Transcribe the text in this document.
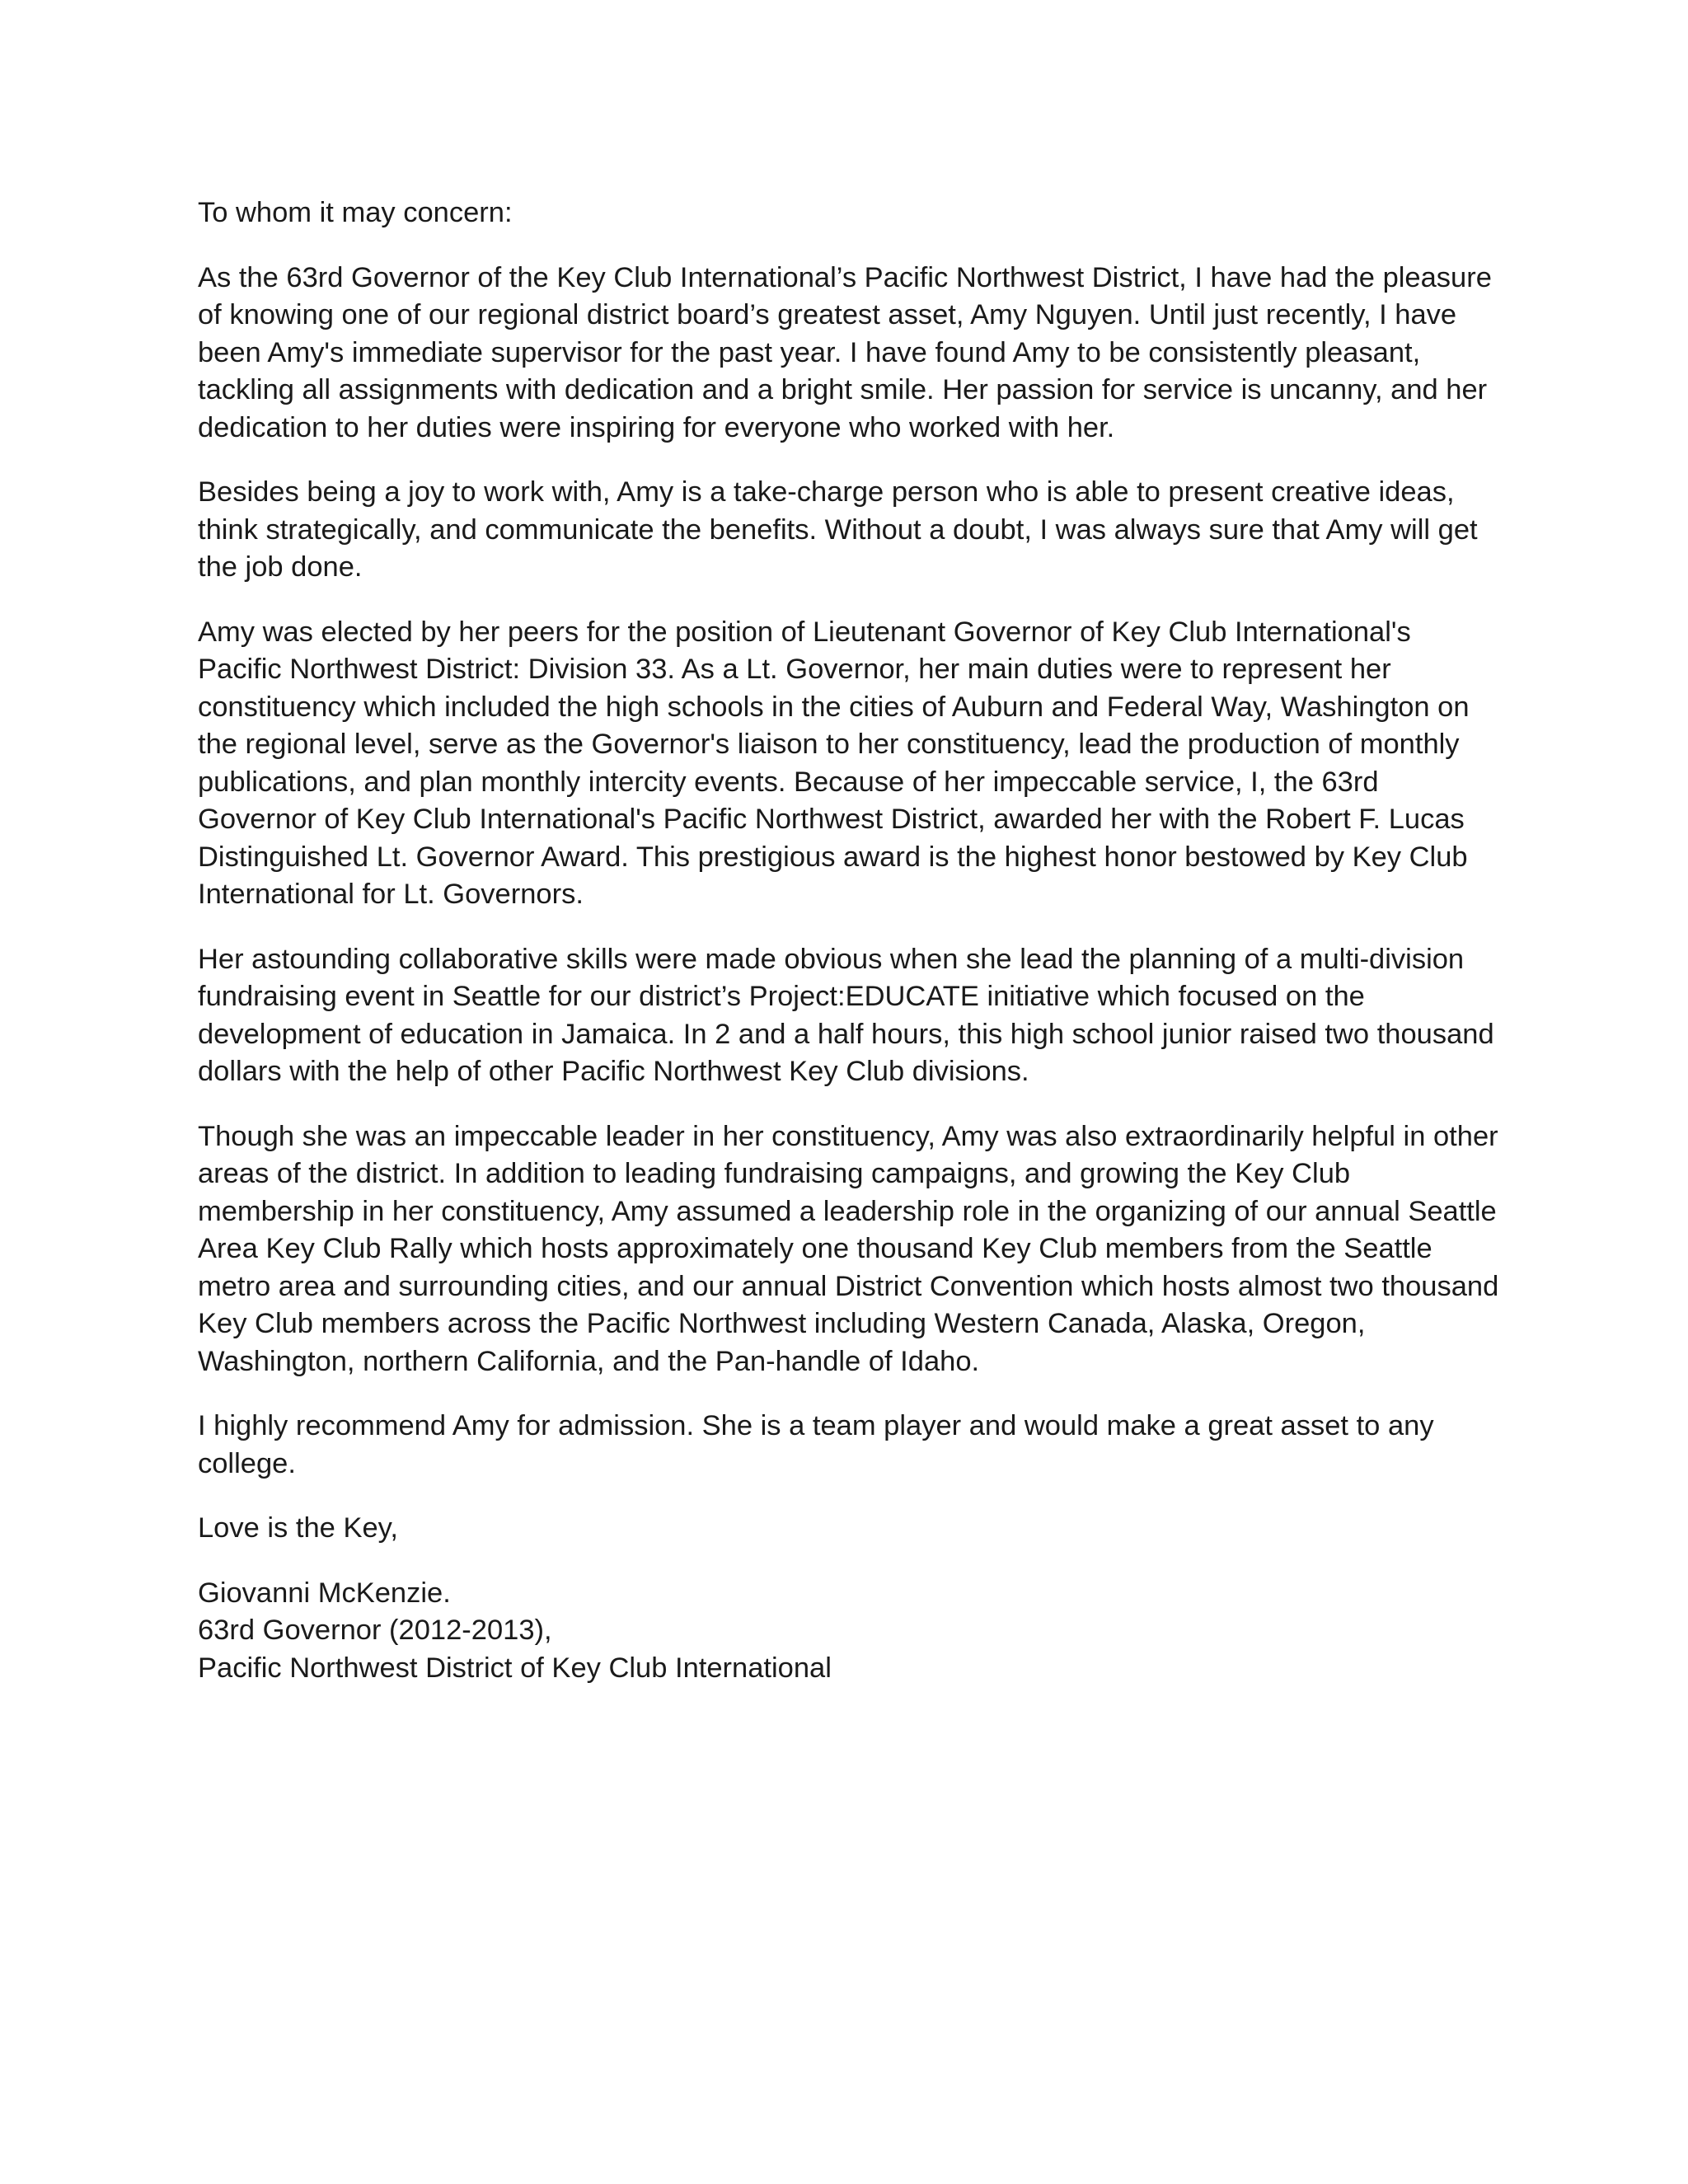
To whom it may concern:

As the 63rd Governor of the Key Club International’s Pacific Northwest District, I have had the pleasure of knowing one of our regional district board’s greatest asset, Amy Nguyen. Until just recently, I have been Amy's immediate supervisor for the past year. I have found Amy to be consistently pleasant, tackling all assignments with dedication and a bright smile. Her passion for service is uncanny, and her dedication to her duties were inspiring for everyone who worked with her.

Besides being a joy to work with, Amy is a take-charge person who is able to present creative ideas, think strategically, and communicate the benefits. Without a doubt, I was always sure that Amy will get the job done.

Amy was elected by her peers for the position of Lieutenant Governor of Key Club International's Pacific Northwest District: Division 33. As a Lt. Governor, her main duties were to represent her constituency which included the high schools in the cities of Auburn and Federal Way, Washington on the regional level, serve as the Governor's liaison to her constituency, lead the production of monthly publications, and plan monthly intercity events. Because of her impeccable service, I, the 63rd Governor of Key Club International's Pacific Northwest District, awarded her with the Robert F. Lucas Distinguished Lt. Governor Award. This prestigious award is the highest honor bestowed by Key Club International for Lt. Governors.

Her astounding collaborative skills were made obvious when she lead the planning of a multi-division fundraising event in Seattle for our district’s Project:EDUCATE initiative which focused on the development of education in Jamaica. In 2 and a half hours, this high school junior raised two thousand dollars with the help of other Pacific Northwest Key Club divisions.

Though she was an impeccable leader in her constituency, Amy was also extraordinarily helpful in other areas of the district. In addition to leading fundraising campaigns, and growing the Key Club membership in her constituency, Amy assumed a leadership role in the organizing of our annual Seattle Area Key Club Rally which hosts approximately one thousand Key Club members from the Seattle metro area and surrounding cities, and our annual District Convention which hosts almost two thousand Key Club members across the Pacific Northwest including Western Canada, Alaska, Oregon, Washington, northern California, and the Pan-handle of Idaho.

I highly recommend Amy for admission. She is a team player and would make a great asset to any college.

Love is the Key,

Giovanni McKenzie.

63rd Governor (2012-2013),

Pacific Northwest District of Key Club International
